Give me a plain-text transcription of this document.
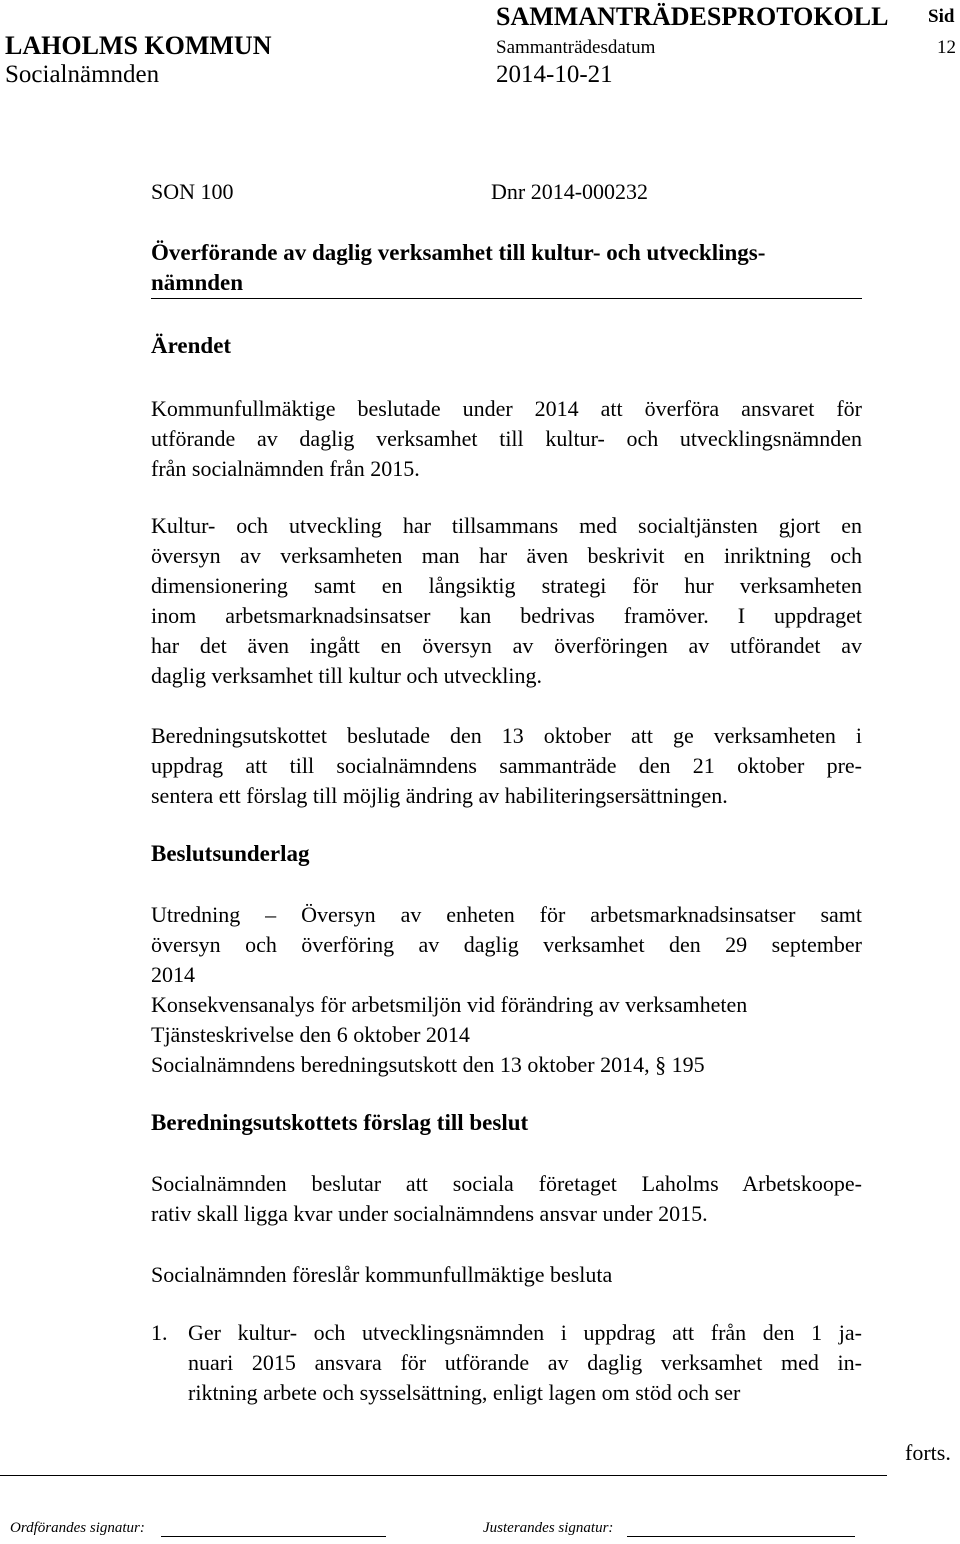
SAMMANTRÄDESPROTOKOLL Sid
LAHOLMS KOMMUN	Sammanträdesdatum	12
Socialnämnden	2014-10-21
SON 100	Dnr 2014-000232
Överförande av daglig verksamhet till kultur- och utvecklings-
nämnden
Ärendet
Kommunfullmäktige beslutade under 2014 att överföra ansvaret för
utförande av daglig verksamhet till kultur- och utvecklingsnämnden
från socialnämnden från 2015.
Kultur- och utveckling har tillsammans med socialtjänsten gjort en
översyn av verksamheten man har även beskrivit en inriktning och
dimensionering samt en långsiktig strategi för hur verksamheten
inom arbetsmarknadsinsatser kan bedrivas framöver. I uppdraget
har det även ingått en översyn av överföringen av utförandet av
daglig verksamhet till kultur och utveckling.
Beredningsutskottet beslutade den 13 oktober att ge verksamheten i
uppdrag att till socialnämndens sammanträde den 21 oktober pre-
sentera ett förslag till möjlig ändring av habiliteringsersättningen.
Beslutsunderlag
Utredning – Översyn av enheten för arbetsmarknadsinsatser samt
översyn och överföring av daglig verksamhet den 29 september
2014
Konsekvensanalys för arbetsmiljön vid förändring av verksamheten
Tjänsteskrivelse den 6 oktober 2014
Socialnämndens beredningsutskott den 13 oktober 2014, § 195
Beredningsutskottets förslag till beslut
Socialnämnden beslutar att sociala företaget Laholms Arbetskoope-
rativ skall ligga kvar under socialnämndens ansvar under 2015.
Socialnämnden föreslår kommunfullmäktige besluta
1. Ger kultur- och utvecklingsnämnden i uppdrag att från den 1 ja-
nuari 2015 ansvara för utförande av daglig verksamhet med in-
riktning arbete och sysselsättning, enligt lagen om stöd och ser
forts.
Ordförandes signatur:	Justerandes signatur:
